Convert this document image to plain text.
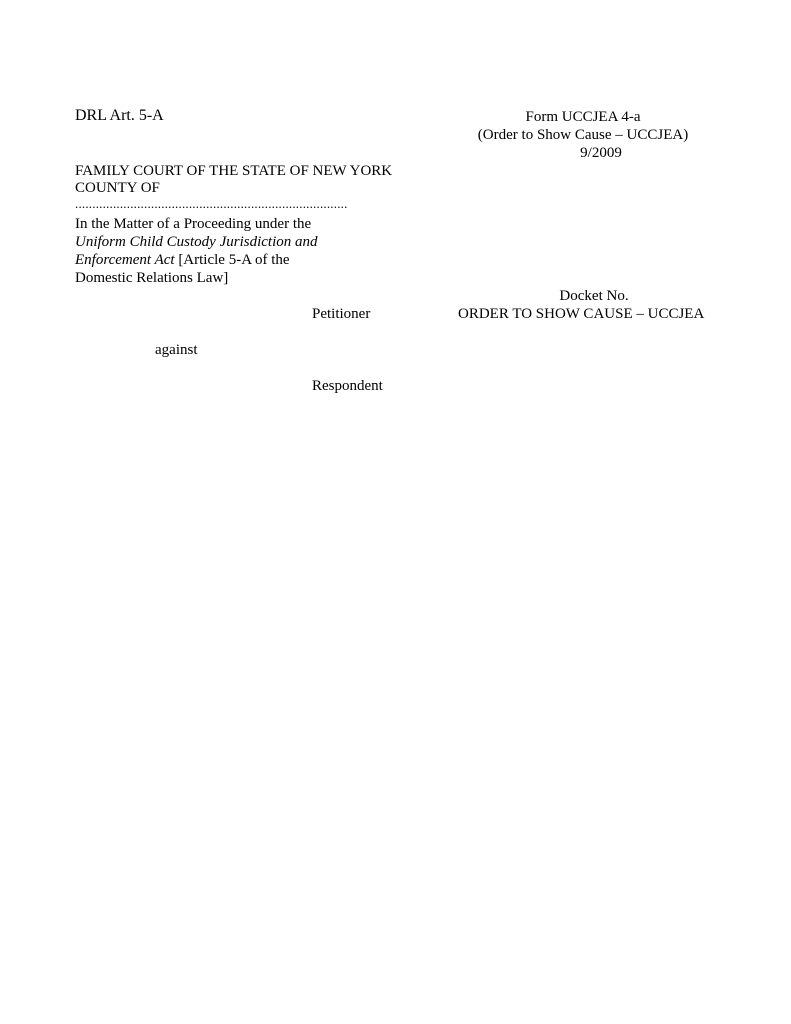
DRL Art. 5-A	Form UCCJEA 4-a
(Order to Show Cause – UCCJEA)
9/2009
FAMILY COURT OF THE STATE OF NEW YORK
COUNTY OF
...............................................................................
In the Matter of a Proceeding under the
Uniform Child Custody Jurisdiction and
Enforcement Act [Article 5-A of the
Domestic Relations Law]
Petitioner
against
Respondent
Docket No.
ORDER TO SHOW CAUSE – UCCJEA
